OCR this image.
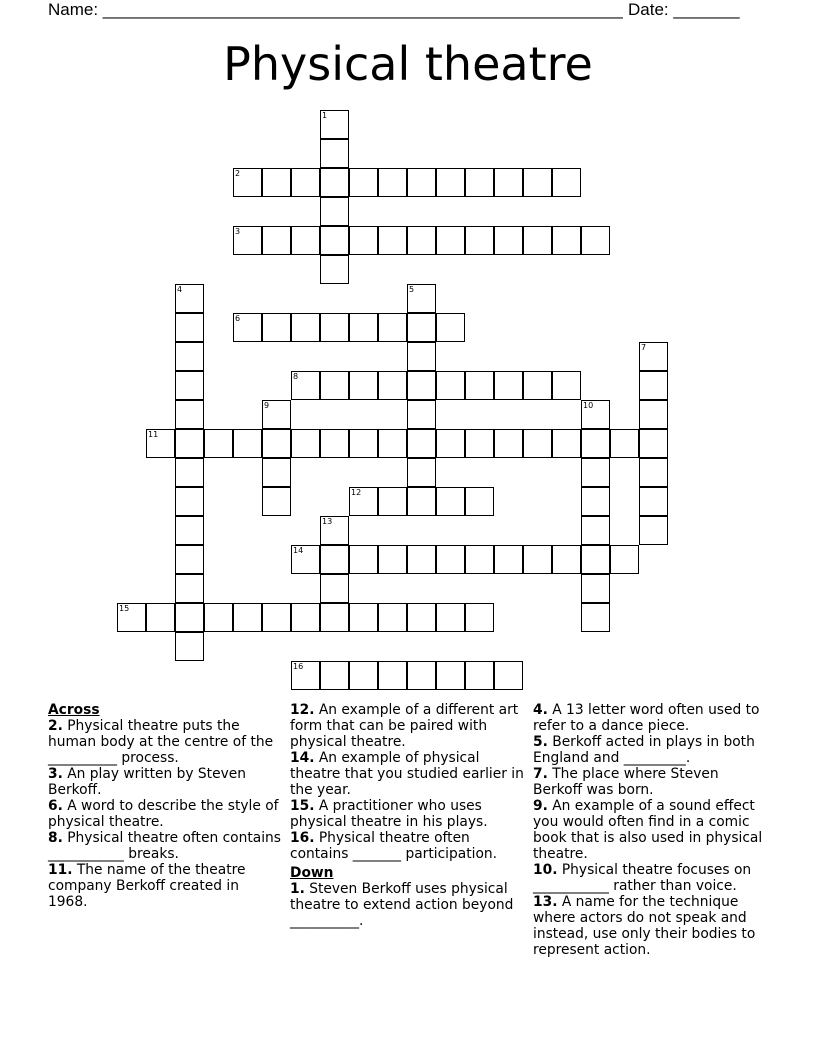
Name: _______________________________________________________ Date: _______
Physical theatre
1
2
3
4	5
6
7
8
9	10
11
12
13
14
15
16
Across
2. Physical theatre puts the human body at the centre of the __________ process.
3. An play written by Steven Berkoff.
6. A word to describe the style of physical theatre.
8. Physical theatre often contains ___________ breaks.
11. The name of the theatre company Berkoff created in 1968.
12. An example of a different art form that can be paired with physical theatre.
14. An example of physical theatre that you studied earlier in the year.
15. A practitioner who uses physical theatre in his plays.
16. Physical theatre often contains _______ participation.
Down
1. Steven Berkoff uses physical theatre to extend action beyond __________.
4. A 13 letter word often used to refer to a dance piece.
5. Berkoff acted in plays in both England and _________.
7. The place where Steven Berkoff was born.
9. An example of a sound effect you would often find in a comic book that is also used in physical theatre.
10. Physical theatre focuses on ___________ rather than voice.
13. A name for the technique where actors do not speak and instead, use only their bodies to represent action.
